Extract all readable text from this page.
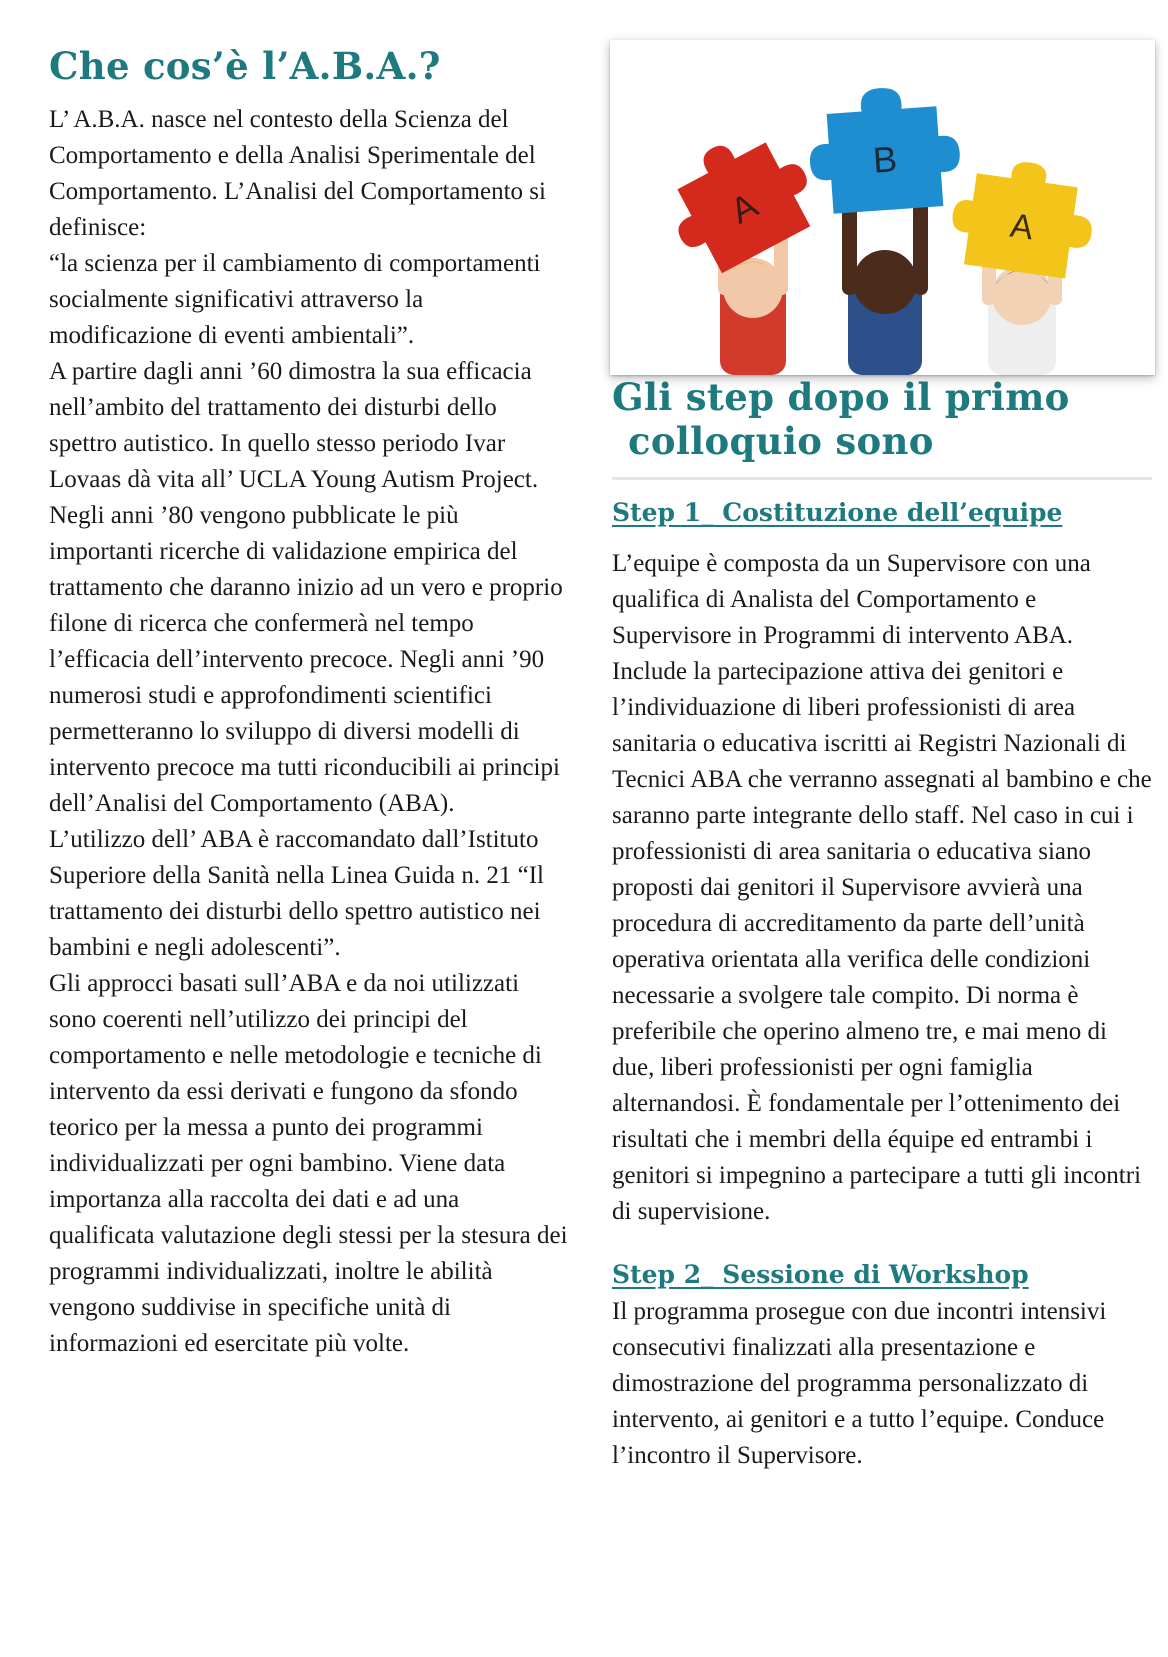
Che cos’è l’A.B.A.?

L’ A.B.A. nasce nel contesto della Scienza del Comportamento e della Analisi Sperimentale del Comportamento. L’Analisi del Comportamento si definisce:

“la scienza per il cambiamento di comportamenti socialmente significativi attraverso la modificazione di eventi ambientali”.

A partire dagli anni ’60 dimostra la sua efficacia nell’ambito del trattamento dei disturbi dello spettro autistico. In quello stesso periodo Ivar Lovaas dà vita all’ UCLA Young Autism Project. Negli anni ’80 vengono pubblicate le più importanti ricerche di validazione empirica del trattamento che daranno inizio ad un vero e proprio filone di ricerca che confermerà nel tempo l’efficacia dell’intervento precoce. Negli anni ’90 numerosi studi e approfondimenti scientifici permetteranno lo sviluppo di diversi modelli di intervento precoce ma tutti riconducibili ai principi dell’Analisi del Comportamento (ABA).

L’utilizzo dell’ ABA è raccomandato dall’Istituto Superiore della Sanità nella Linea Guida n. 21 “Il trattamento dei disturbi dello spettro autistico nei bambini e negli adolescenti”.

Gli approcci basati sull’ABA e da noi utilizzati sono coerenti nell’utilizzo dei principi del comportamento e nelle metodologie e tecniche di intervento da essi derivati e fungono da sfondo teorico per la messa a punto dei programmi individualizzati per ogni bambino. Viene data importanza alla raccolta dei dati e ad una qualificata valutazione degli stessi per la stesura dei programmi individualizzati, inoltre le abilità vengono suddivise in specifiche unità di informazioni ed esercitate più volte.

A
B
A
Gli step dopo il primo

colloquio sono

Step 1_ Costituzione dell’equipe

L’equipe è composta da un Supervisore con una qualifica di Analista del Comportamento e Supervisore in Programmi di intervento ABA. Include la partecipazione attiva dei genitori e l’individuazione di liberi professionisti di area sanitaria o educativa iscritti ai Registri Nazionali di Tecnici ABA che verranno assegnati al bambino e che saranno parte integrante dello staff. Nel caso in cui i professionisti di area sanitaria o educativa siano proposti dai genitori il Supervisore avvierà una procedura di accreditamento da parte dell’unità operativa orientata alla verifica delle condizioni necessarie a svolgere tale compito. Di norma è preferibile che operino almeno tre, e mai meno di due, liberi professionisti per ogni famiglia alternandosi. È fondamentale per l’ottenimento dei risultati che i membri della équipe ed entrambi i genitori si impegnino a partecipare a tutti gli incontri di supervisione.

Step 2_ Sessione di Workshop

Il programma prosegue con due incontri intensivi consecutivi finalizzati alla presentazione e dimostrazione del programma personalizzato di intervento, ai genitori e a tutto l’equipe. Conduce l’incontro il Supervisore.
